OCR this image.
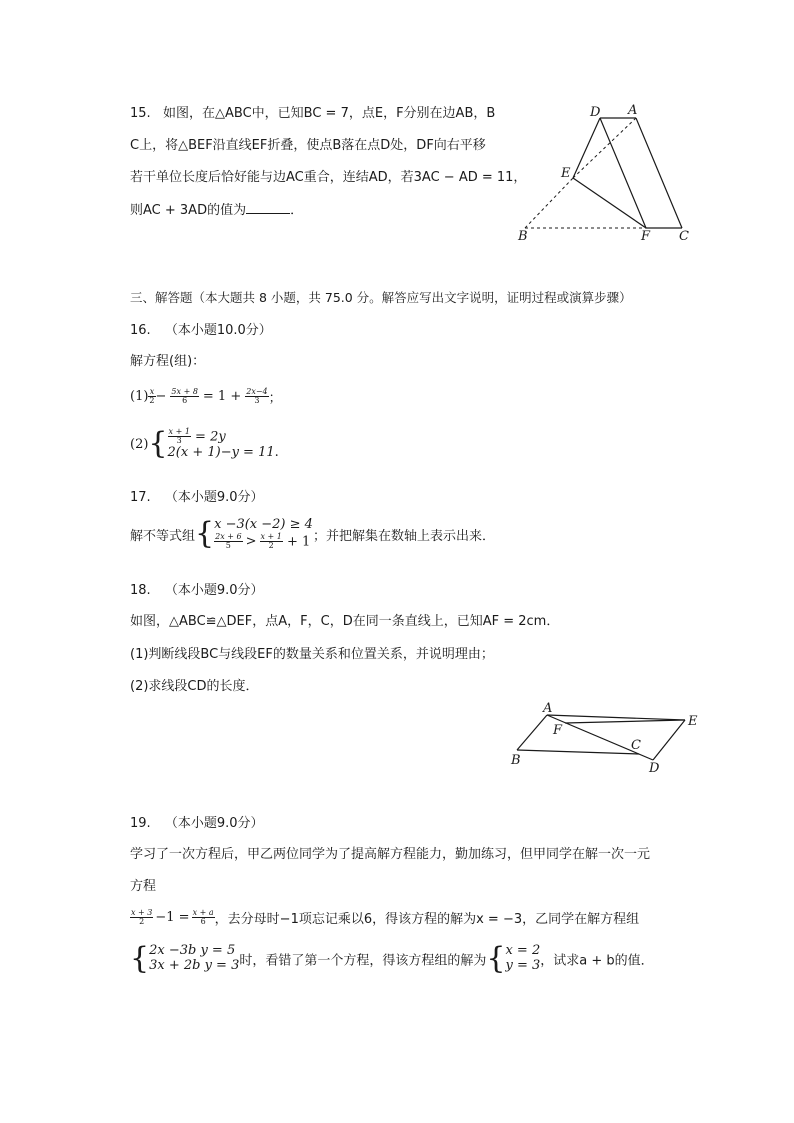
15. 如图，在△ABC中，已知BC = 7，点E，F分别在边AB，B
C上，将△BEF沿直线EF折叠，使点B落在点D处，DF向右平移
若干单位长度后恰好能与边AC重合，连结AD，若3AC − AD = 11，
则AC + 3AD的值为	．
D A
E
B	F C
三、解答题（本大题共 8 小题，共 75.0 分。解答应写出文字说明，证明过程或演算步骤）
16. （本小题10.0分）
解方程(组)：
$(1) \frac{x}{2} - \frac{5x + 8}{6} = 1 + \frac{2x-4}{3}$ ；
$(2)\{ \frac{x + 1}{3} = 2y$
2(x + 1)−y = 11.
17. （本小题9.0分）
解不等式组{ x −3(x −2) ≥ 4
$\frac{2x + 6}{5} > \frac{x + 1}{2} + 1$ ；并把解集在数轴上表示出来．
18. （本小题9.0分）
如图，△ABC≌△DEF，点A，F，C，D在同一条直线上，已知AF = 2cm．
(1)判断线段BC与线段EF的数量关系和位置关系，并说明理由；
(2)求线段CD的长度．
A
E
F
C
B
D
19. （本小题9.0分）
学习了一次方程后，甲乙两位同学为了提高解方程能力，勤加练习，但甲同学在解一次一元
方程
$\frac{x + 3}{2} -1 = \frac{x + a}{6}$ ，去分母时−1项忘记乘以6，得该方程的解为x = −3，乙同学在解方程组
{ 2x −3b y = 5
3x + 2b y = 3 时，看错了第一个方程，得该方程组的解为{ x = 2
y = 3 ，试求a + b的值．
